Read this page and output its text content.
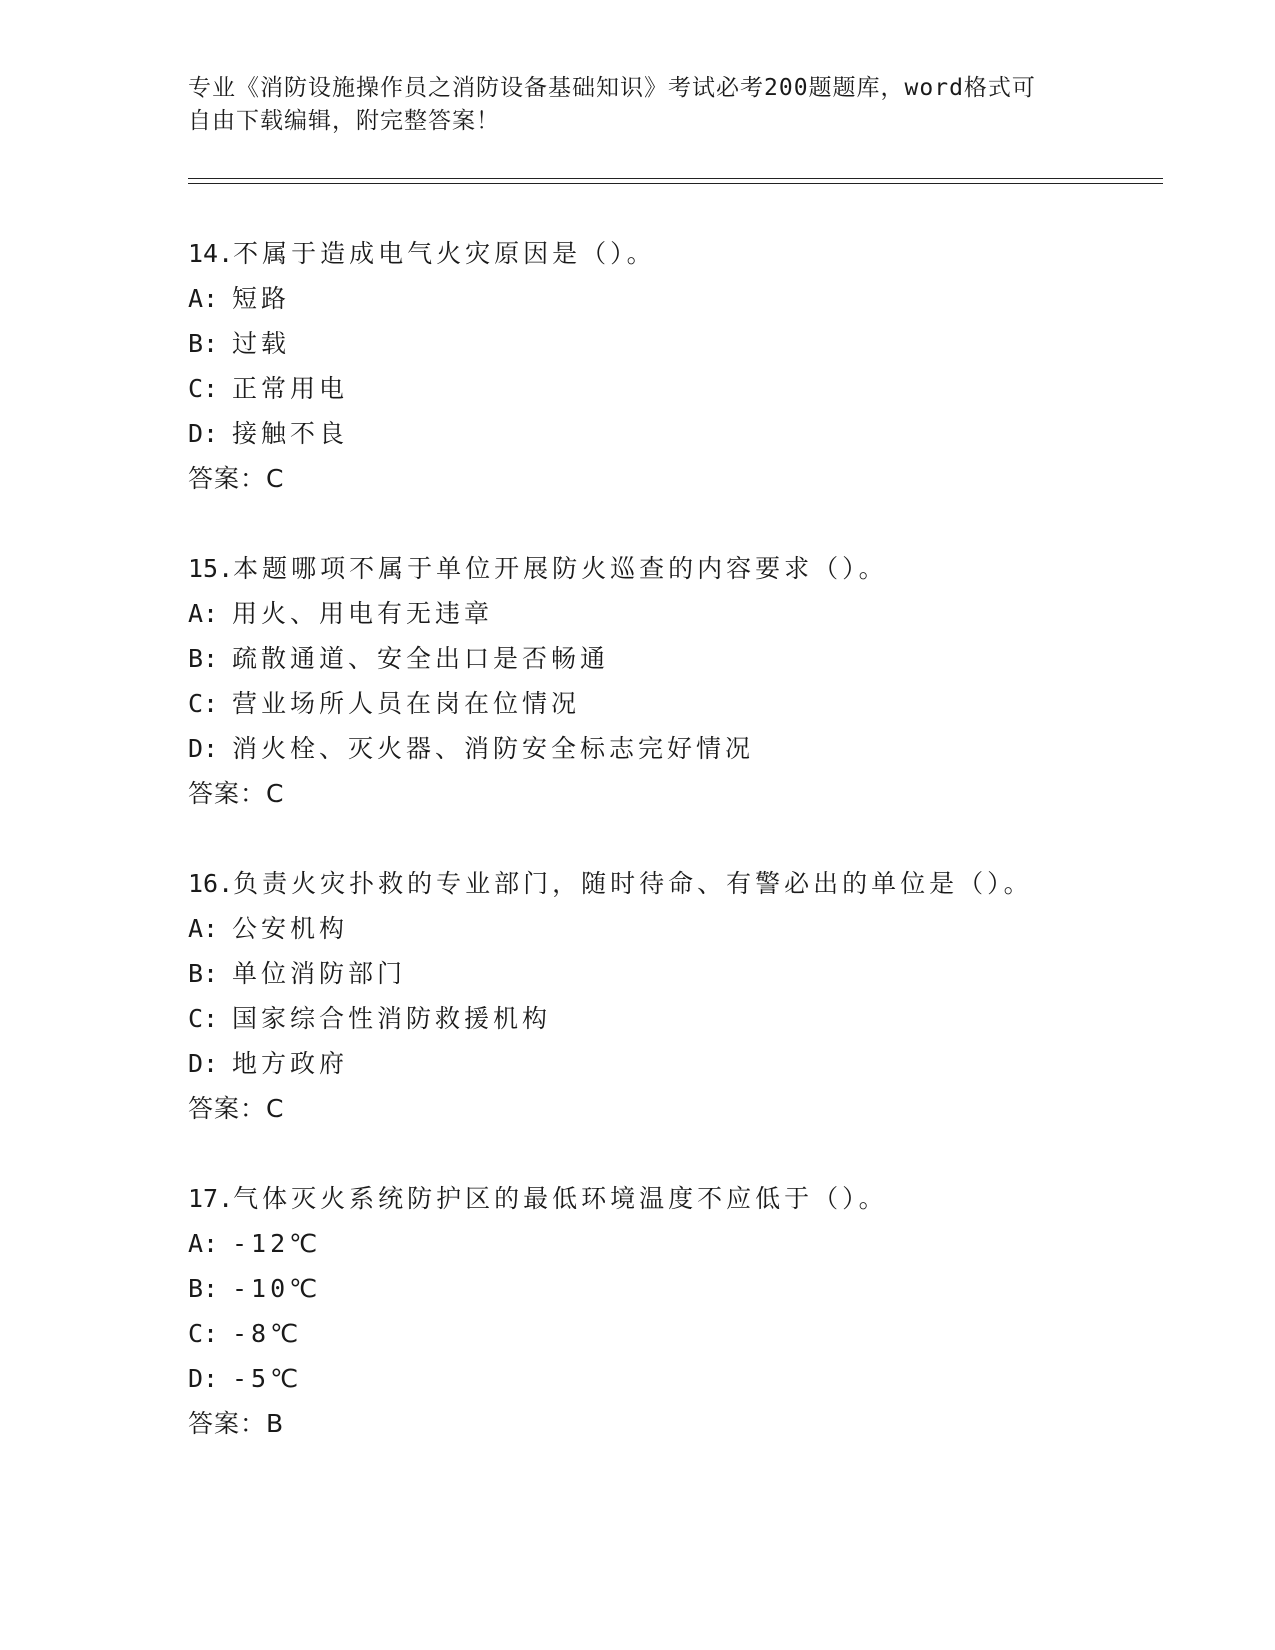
专业《消防设施操作员之消防设备基础知识》考试必考200题题库，word格式可
自由下载编辑，附完整答案！
14.不属于造成电气火灾原因是（）。
A: 短路
B: 过载
C: 正常用电
D: 接触不良
答案：C
15.本题哪项不属于单位开展防火巡查的内容要求（）。
A: 用火、用电有无违章
B: 疏散通道、安全出口是否畅通
C: 营业场所人员在岗在位情况
D: 消火栓、灭火器、消防安全标志完好情况
答案：C
16.负责火灾扑救的专业部门，随时待命、有警必出的单位是（）。
A: 公安机构
B: 单位消防部门
C: 国家综合性消防救援机构
D: 地方政府
答案：C
17.气体灭火系统防护区的最低环境温度不应低于（）。
A: -12℃
B: -10℃
C: -8℃
D: -5℃
答案：B
